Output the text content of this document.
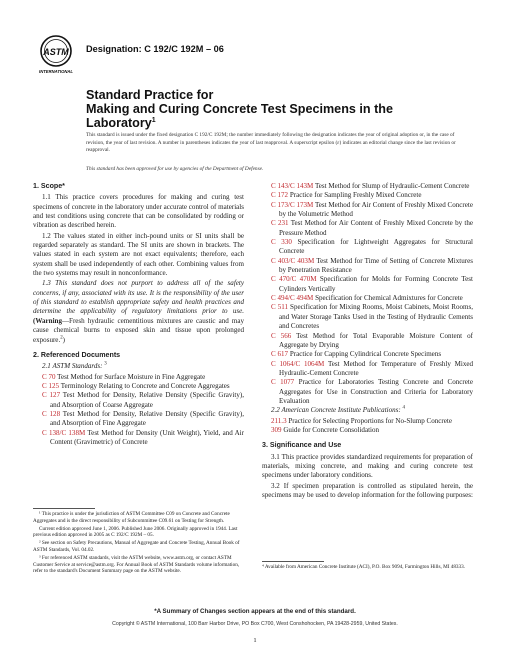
ASTM
INTERNATIONAL
Designation: C 192/C 192M – 06
Standard Practice for
Making and Curing Concrete Test Specimens in the
Laboratory$^1$
This standard is issued under the fixed designation C 192/C 192M; the number immediately following the designation indicates the year of original adoption or, in the case of revision, the year of last revision. A number in parentheses indicates the year of last reapproval. A superscript epsilon (ε) indicates an editorial change since the last revision or reapproval.
This standard has been approved for use by agencies of the Department of Defense.
1. Scope*

1.1 This practice covers procedures for making and curing test specimens of concrete in the laboratory under accurate control of materials and test conditions using concrete that can be consolidated by rodding or vibration as described herein.

1.2 The values stated in either inch-pound units or SI units shall be regarded separately as standard. The SI units are shown in brackets. The values stated in each system are not exact equivalents; therefore, each system shall be used independently of each other. Combining values from the two systems may result in nonconformance.

1.3 This standard does not purport to address all of the safety concerns, if any, associated with its use. It is the responsibility of the user of this standard to establish appropriate safety and health practices and determine the applicability of regulatory limitations prior to use. (Warning—Fresh hydraulic cementitious mixtures are caustic and may cause chemical burns to exposed skin and tissue upon prolonged exposure.$^2$)

2. Referenced Documents

2.1 ASTM Standards: $^3$

C 70 Test Method for Surface Moisture in Fine Aggregate

C 125 Terminology Relating to Concrete and Concrete Aggregates

C 127 Test Method for Density, Relative Density (Specific Gravity), and Absorption of Coarse Aggregate

C 128 Test Method for Density, Relative Density (Specific Gravity), and Absorption of Fine Aggregate

C 138/C 138M Test Method for Density (Unit Weight), Yield, and Air Content (Gravimetric) of Concrete

¹ This practice is under the jurisdiction of ASTM Committee C09 on Concrete and Concrete Aggregates and is the direct responsibility of Subcommittee C09.61 on Testing for Strength.

Current edition approved June 1, 2006. Published June 2006. Originally approved in 1944. Last previous edition approved in 2005 as C 192/C 192M – 05.

² See section on Safety Precautions, Manual of Aggregate and Concrete Testing, Annual Book of ASTM Standards, Vol. 04.02.

³ For referenced ASTM standards, visit the ASTM website, www.astm.org, or contact ASTM Customer Service at service@astm.org. For Annual Book of ASTM Standards volume information, refer to the standard's Document Summary page on the ASTM website.

C 143/C 143M Test Method for Slump of Hydraulic-Cement Concrete

C 172 Practice for Sampling Freshly Mixed Concrete

C 173/C 173M Test Method for Air Content of Freshly Mixed Concrete by the Volumetric Method

C 231 Test Method for Air Content of Freshly Mixed Concrete by the Pressure Method

C 330 Specification for Lightweight Aggregates for Structural Concrete

C 403/C 403M Test Method for Time of Setting of Concrete Mixtures by Penetration Resistance

C 470/C 470M Specification for Molds for Forming Concrete Test Cylinders Vertically

C 494/C 494M Specification for Chemical Admixtures for Concrete

C 511 Specification for Mixing Rooms, Moist Cabinets, Moist Rooms, and Water Storage Tanks Used in the Testing of Hydraulic Cements and Concretes

C 566 Test Method for Total Evaporable Moisture Content of Aggregate by Drying

C 617 Practice for Capping Cylindrical Concrete Specimens

C 1064/C 1064M Test Method for Temperature of Freshly Mixed Hydraulic-Cement Concrete

C 1077 Practice for Laboratories Testing Concrete and Concrete Aggregates for Use in Construction and Criteria for Laboratory Evaluation

2.2 American Concrete Institute Publications: $^4$

211.3 Practice for Selecting Proportions for No-Slump Concrete

309 Guide for Concrete Consolidation

3. Significance and Use

3.1 This practice provides standardized requirements for preparation of materials, mixing concrete, and making and curing concrete test specimens under laboratory conditions.

3.2 If specimen preparation is controlled as stipulated herein, the specimens may be used to develop information for the following purposes:

⁴ Available from American Concrete Institute (ACI), P.O. Box 9094, Farmington Hills, MI 48333.
*A Summary of Changes section appears at the end of this standard.
Copyright © ASTM International, 100 Barr Harbor Drive, PO Box C700, West Conshohocken, PA 19428-2959, United States.
1
